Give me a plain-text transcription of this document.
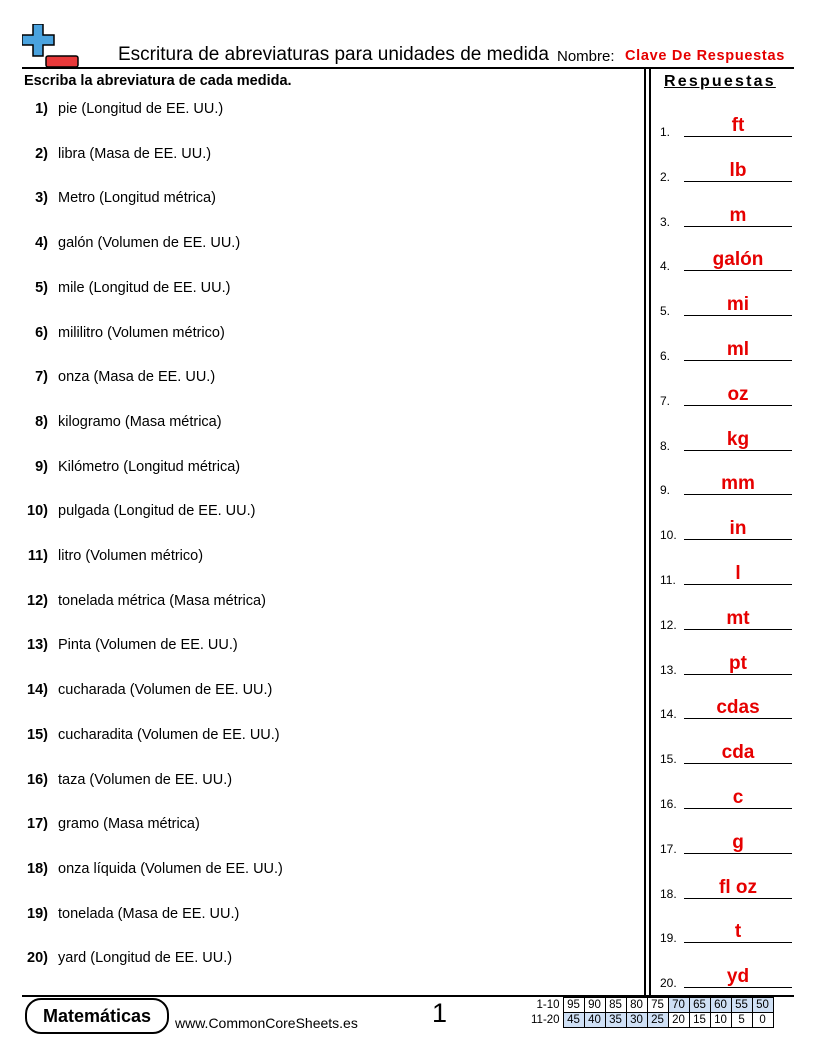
Escritura de abreviaturas para unidades de medida Nombre: Clave De Respuestas
Escriba la abreviatura de cada medida.	Respuestas
1) pie (Longitud de EE. UU.)
2) libra (Masa de EE. UU.)
3) Metro (Longitud métrica)
4) galón (Volumen de EE. UU.)
5) mile (Longitud de EE. UU.)
6) mililitro (Volumen métrico)
7) onza (Masa de EE. UU.)
8) kilogramo (Masa métrica)
9) Kilómetro (Longitud métrica)
10) pulgada (Longitud de EE. UU.)
11) litro (Volumen métrico)
12) tonelada métrica (Masa métrica)
13) Pinta (Volumen de EE. UU.)
14) cucharada (Volumen de EE. UU.)
15) cucharadita (Volumen de EE. UU.)
16) taza (Volumen de EE. UU.)
17) gramo (Masa métrica)
18) onza líquida (Volumen de EE. UU.)
19) tonelada (Masa de EE. UU.)
20) yard (Longitud de EE. UU.)
1.	ft
2.	lb
3.	m
4.	galón
5.	mi
6.	ml
7.	oz
8.	kg
9.	mm
10.	in
11.	l
12.	mt
13.	pt
14.	cdas
15.	cda
16.	c
17.	g
18.	fl oz
19.	t
20.	yd
Matemáticas	www.CommonCoreSheets.es	1	1-10	95	90	85	80	75	70	65	60	55	50
11-20	45	40	35	30	25	20	15	10	5	0
